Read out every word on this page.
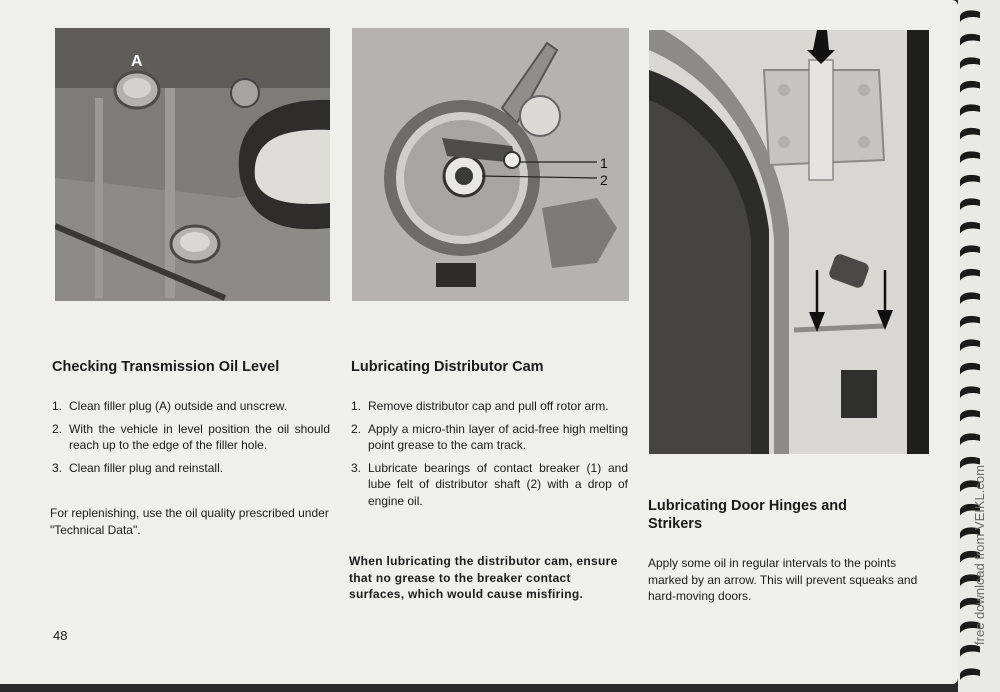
A
1
2
Checking Transmission Oil Level
1. Clean filler plug (A) outside and unscrew.
2. With the vehicle in level position the oil should reach up to the edge of the filler hole.
3. Clean filler plug and reinstall.

For replenishing, use the oil quality prescribed under "Technical Data".

Lubricating Distributor Cam
1. Remove distributor cap and pull off rotor arm.
2. Apply a micro-thin layer of acid-free high melting point grease to the cam track.
3. Lubricate bearings of contact breaker (1) and lube felt of distributor shaft (2) with a drop of engine oil.

When lubricating the distributor cam, ensure that no grease to the breaker contact surfaces, which would cause misfiring.

Lubricating Door Hinges and Strikers

Apply some oil in regular intervals to the points marked by an arrow. This will prevent squeaks and hard-moving doors.

48	free download from VEIKL.com
